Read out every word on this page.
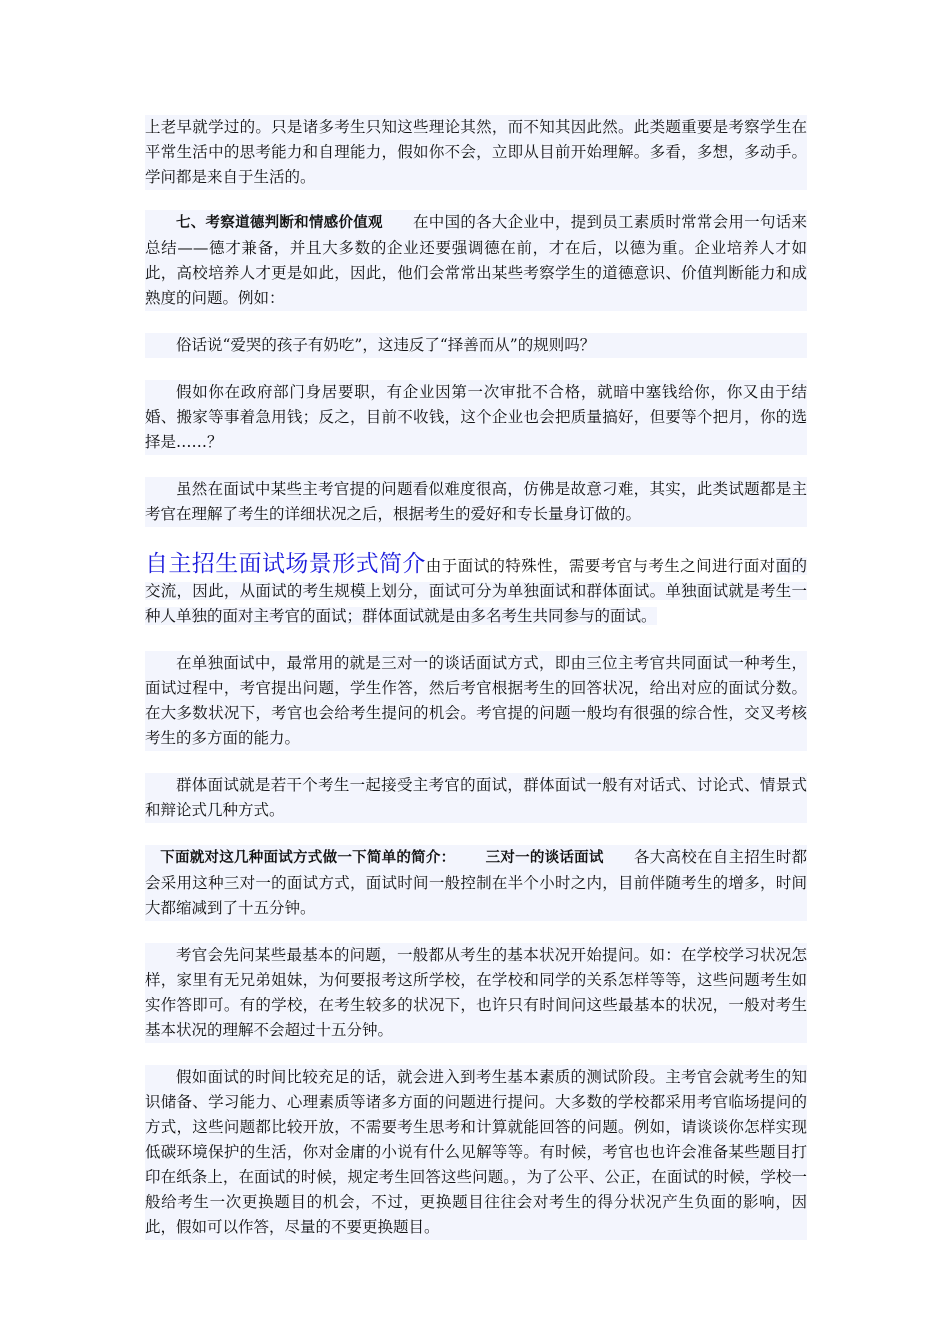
上老早就学过的。只是诸多考生只知这些理论其然，而不知其因此然。此类题重要是考察学生在平常生活中的思考能力和自理能力，假如你不会，立即从目前开始理解。多看，多想，多动手。学问都是来自于生活的。

七、考察道德判断和情感价值观 在中国的各大企业中，提到员工素质时常常会用一句话来总结——德才兼备，并且大多数的企业还要强调德在前，才在后，以德为重。企业培养人才如此，高校培养人才更是如此，因此，他们会常常出某些考察学生的道德意识、价值判断能力和成熟度的问题。例如：

俗话说“爱哭的孩子有奶吃”，这违反了“择善而从”的规则吗？

假如你在政府部门身居要职，有企业因第一次审批不合格，就暗中塞钱给你，你又由于结婚、搬家等事着急用钱；反之，目前不收钱，这个企业也会把质量搞好，但要等个把月，你的选择是……？

虽然在面试中某些主考官提的问题看似难度很高，仿佛是故意刁难，其实，此类试题都是主考官在理解了考生的详细状况之后，根据考生的爱好和专长量身订做的。

自主招生面试场景形式简介由于面试的特殊性，需要考官与考生之间进行面对面的交流，因此，从面试的考生规模上划分，面试可分为单独面试和群体面试。单独面试就是考生一种人单独的面对主考官的面试；群体面试就是由多名考生共同参与的面试。

在单独面试中，最常用的就是三对一的谈话面试方式，即由三位主考官共同面试一种考生，面试过程中，考官提出问题，学生作答，然后考官根据考生的回答状况，给出对应的面试分数。在大多数状况下，考官也会给考生提问的机会。考官提的问题一般均有很强的综合性，交叉考核考生的多方面的能力。

群体面试就是若干个考生一起接受主考官的面试，群体面试一般有对话式、讨论式、情景式和辩论式几种方式。

下面就对这几种面试方式做一下简单的简介： 三对一的谈话面试 各大高校在自主招生时都会采用这种三对一的面试方式，面试时间一般控制在半个小时之内，目前伴随考生的增多，时间大都缩减到了十五分钟。

考官会先问某些最基本的问题，一般都从考生的基本状况开始提问。如：在学校学习状况怎样，家里有无兄弟姐妹，为何要报考这所学校，在学校和同学的关系怎样等等，这些问题考生如实作答即可。有的学校，在考生较多的状况下，也许只有时间问这些最基本的状况，一般对考生基本状况的理解不会超过十五分钟。

假如面试的时间比较充足的话，就会进入到考生基本素质的测试阶段。主考官会就考生的知识储备、学习能力、心理素质等诸多方面的问题进行提问。大多数的学校都采用考官临场提问的方式，这些问题都比较开放，不需要考生思考和计算就能回答的问题。例如，请谈谈你怎样实现低碳环境保护的生活，你对金庸的小说有什么见解等等。有时候，考官也也许会准备某些题目打印在纸条上，在面试的时候，规定考生回答这些问题。，为了公平、公正，在面试的时候，学校一般给考生一次更换题目的机会，不过，更换题目往往会对考生的得分状况产生负面的影响，因此，假如可以作答，尽量的不要更换题目。
